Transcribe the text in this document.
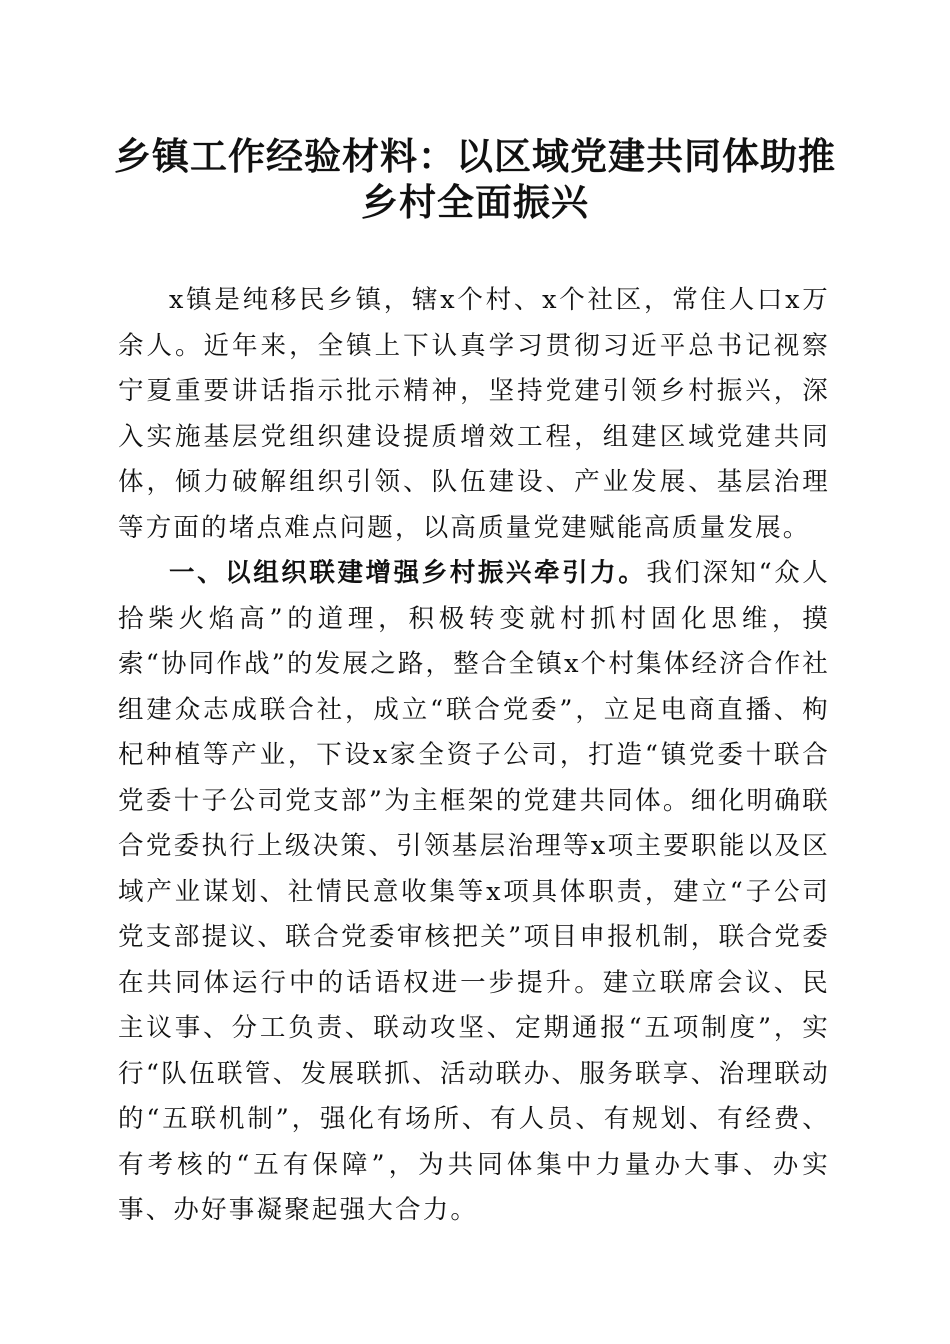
乡镇工作经验材料：以区域党建共同体助推乡村全面振兴

x镇是纯移民乡镇，辖x个村、x个社区，常住人口x万余人。近年来，全镇上下认真学习贯彻习近平总书记视察宁夏重要讲话指示批示精神，坚持党建引领乡村振兴，深入实施基层党组织建设提质增效工程，组建区域党建共同体，倾力破解组织引领、队伍建设、产业发展、基层治理等方面的堵点难点问题，以高质量党建赋能高质量发展。

一、以组织联建增强乡村振兴牵引力。我们深知“众人拾柴火焰高”的道理，积极转变就村抓村固化思维，摸索“协同作战”的发展之路，整合全镇x个村集体经济合作社组建众志成联合社，成立“联合党委”，立足电商直播、枸杞种植等产业，下设x家全资子公司，打造“镇党委十联合党委十子公司党支部”为主框架的党建共同体。细化明确联合党委执行上级决策、引领基层治理等x项主要职能以及区域产业谋划、社情民意收集等x项具体职责，建立“子公司党支部提议、联合党委审核把关”项目申报机制，联合党委在共同体运行中的话语权进一步提升。建立联席会议、民主议事、分工负责、联动攻坚、定期通报“五项制度”，实行“队伍联管、发展联抓、活动联办、服务联享、治理联动的“五联机制”，强化有场所、有人员、有规划、有经费、有考核的“五有保障”，为共同体集中力量办大事、办实事、办好事凝聚起强大合力。
